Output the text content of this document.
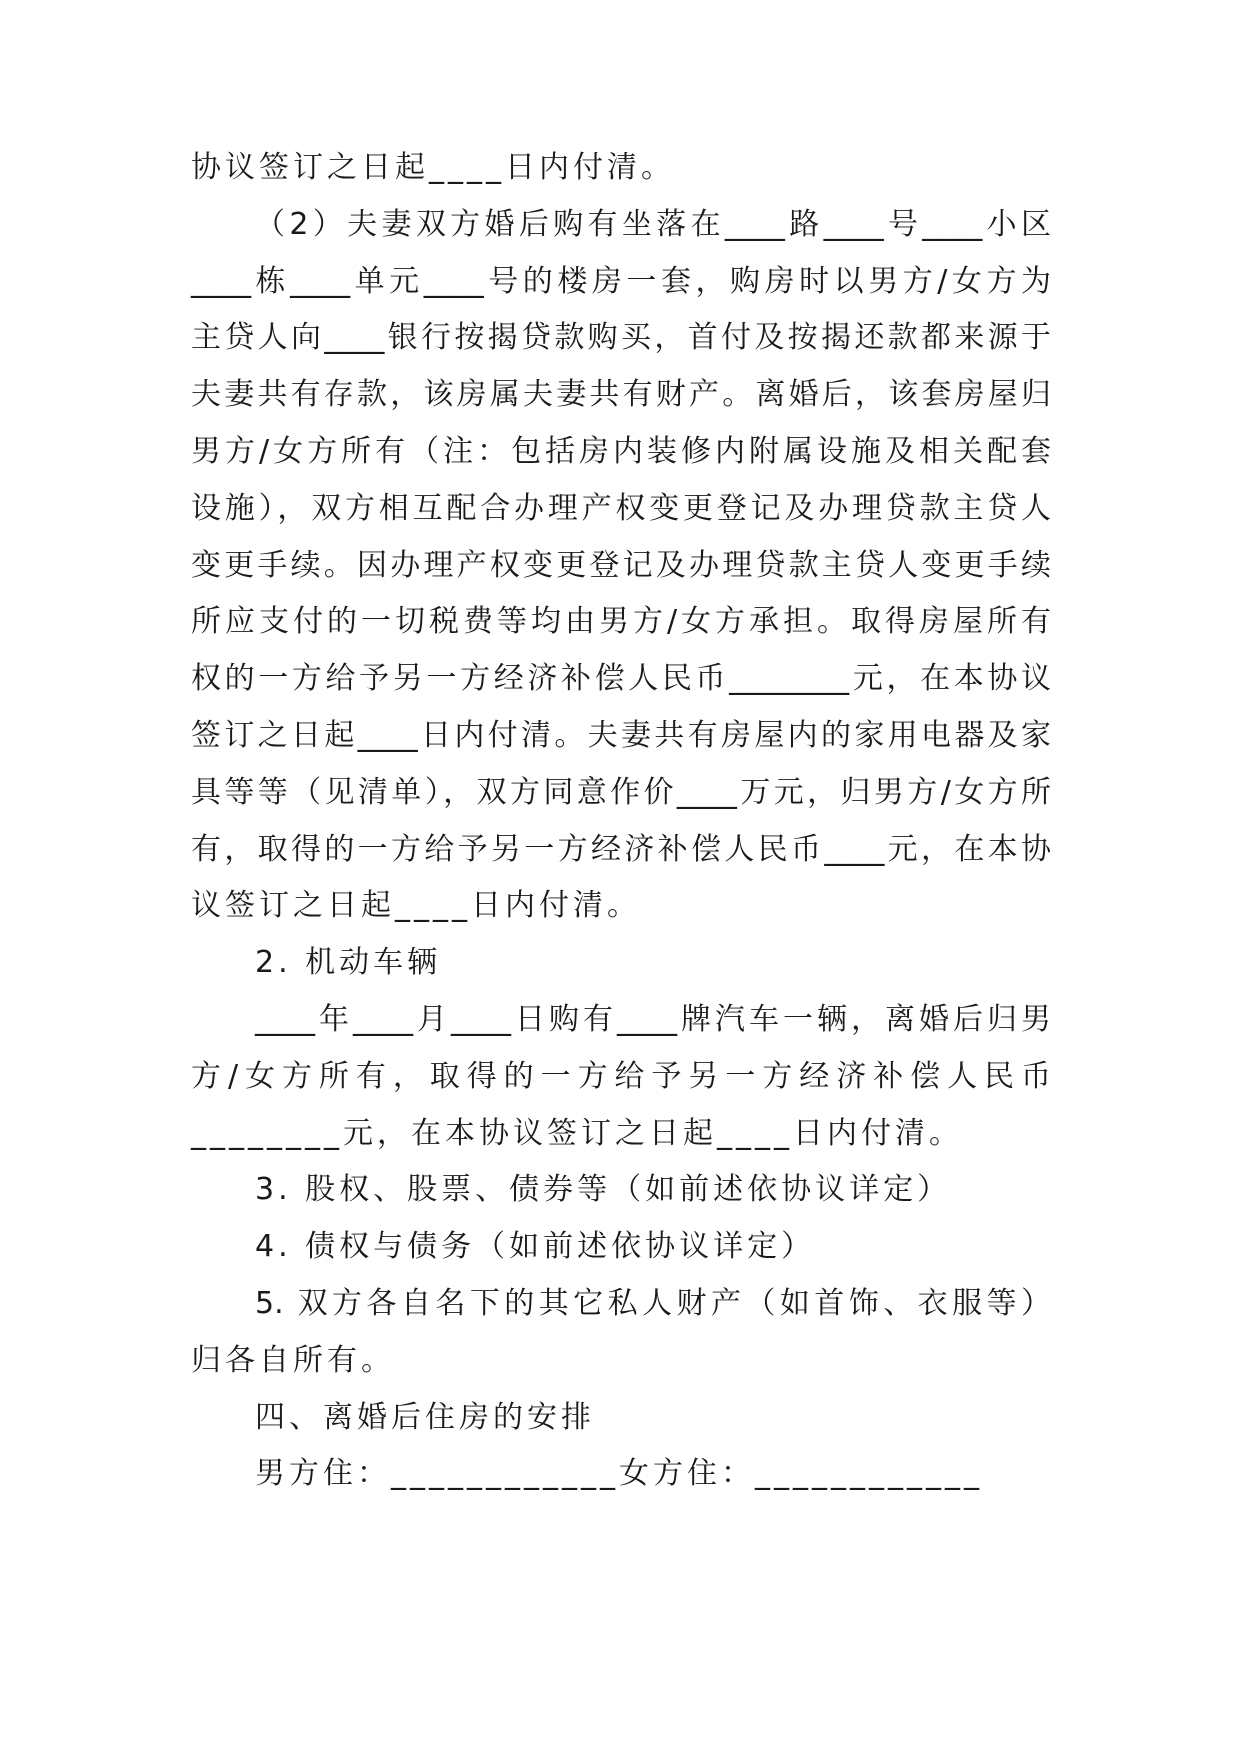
协议签订之日起____日内付清。
（2）夫妻双方婚后购有坐落在____路____号____小区
____栋____单元____号的楼房一套，购房时以男方/女方为
主贷人向____银行按揭贷款购买，首付及按揭还款都来源于
夫妻共有存款，该房属夫妻共有财产。离婚后，该套房屋归
男方/女方所有（注：包括房内装修内附属设施及相关配套
设施），双方相互配合办理产权变更登记及办理贷款主贷人
变更手续。因办理产权变更登记及办理贷款主贷人变更手续
所应支付的一切税费等均由男方/女方承担。取得房屋所有
权的一方给予另一方经济补偿人民币________元，在本协议
签订之日起____日内付清。夫妻共有房屋内的家用电器及家
具等等（见清单），双方同意作价____万元，归男方/女方所
有，取得的一方给予另一方经济补偿人民币____元，在本协
议签订之日起____日内付清。
2. 机动车辆
____年____月____日购有____牌汽车一辆，离婚后归男
方/女方所有，取得的一方给予另一方经济补偿人民币
________元，在本协议签订之日起____日内付清。
3. 股权、股票、债券等（如前述依协议详定）
4. 债权与债务（如前述依协议详定）
5. 双方各自名下的其它私人财产（如首饰、衣服等）
归各自所有。
四、离婚后住房的安排
男方住：____________女方住：____________
